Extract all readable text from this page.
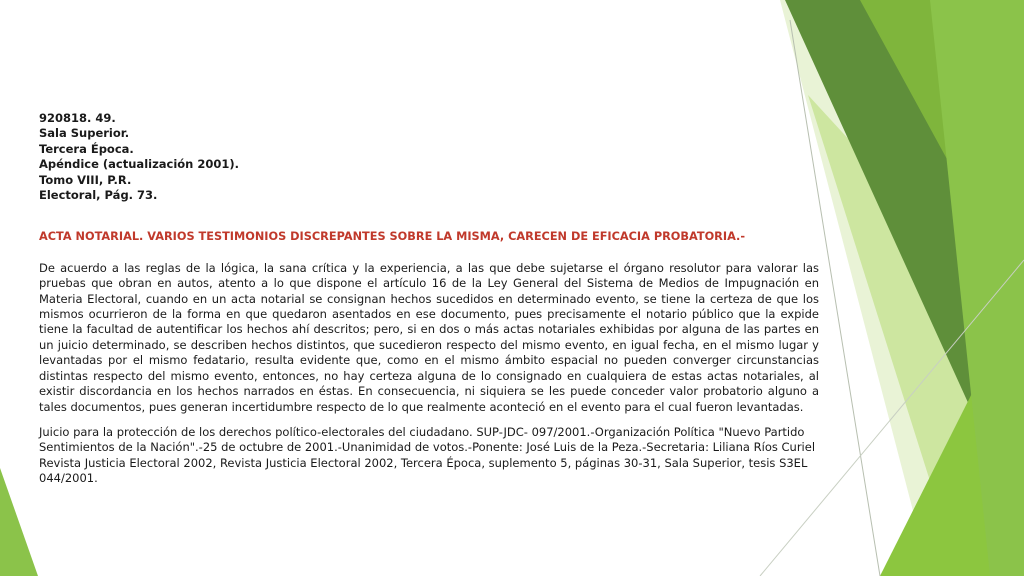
920818. 49.
Sala Superior.
Tercera Época.
Apéndice (actualización 2001).
Tomo VIII, P.R.
Electoral, Pág. 73.
ACTA NOTARIAL. VARIOS TESTIMONIOS DISCREPANTES SOBRE LA MISMA, CARECEN DE EFICACIA PROBATORIA.-
De acuerdo a las reglas de la lógica, la sana crítica y la experiencia, a las que debe sujetarse el órgano resolutor para valorar las pruebas que obran en autos, atento a lo que dispone el artículo 16 de la Ley General del Sistema de Medios de Impugnación en Materia Electoral, cuando en un acta notarial se consignan hechos sucedidos en determinado evento, se tiene la certeza de que los mismos ocurrieron de la forma en que quedaron asentados en ese documento, pues precisamente el notario público que la expide tiene la facultad de autentificar los hechos ahí descritos; pero, si en dos o más actas notariales exhibidas por alguna de las partes en un juicio determinado, se describen hechos distintos, que sucedieron respecto del mismo evento, en igual fecha, en el mismo lugar y levantadas por el mismo fedatario, resulta evidente que, como en el mismo ámbito espacial no pueden converger circunstancias distintas respecto del mismo evento, entonces, no hay certeza alguna de lo consignado en cualquiera de estas actas notariales, al existir discordancia en los hechos narrados en éstas. En consecuencia, ni siquiera se les puede conceder valor probatorio alguno a tales documentos, pues generan incertidumbre respecto de lo que realmente aconteció en el evento para el cual fueron levantadas.
Juicio para la protección de los derechos político-electorales del ciudadano. SUP-JDC- 097/2001.-Organización Política "Nuevo Partido
Sentimientos de la Nación".-25 de octubre de 2001.-Unanimidad de votos.-Ponente: José Luis de la Peza.-Secretaria: Liliana Ríos Curiel
Revista Justicia Electoral 2002, Revista Justicia Electoral 2002, Tercera Época, suplemento 5, páginas 30-31, Sala Superior, tesis S3EL
044/2001.
